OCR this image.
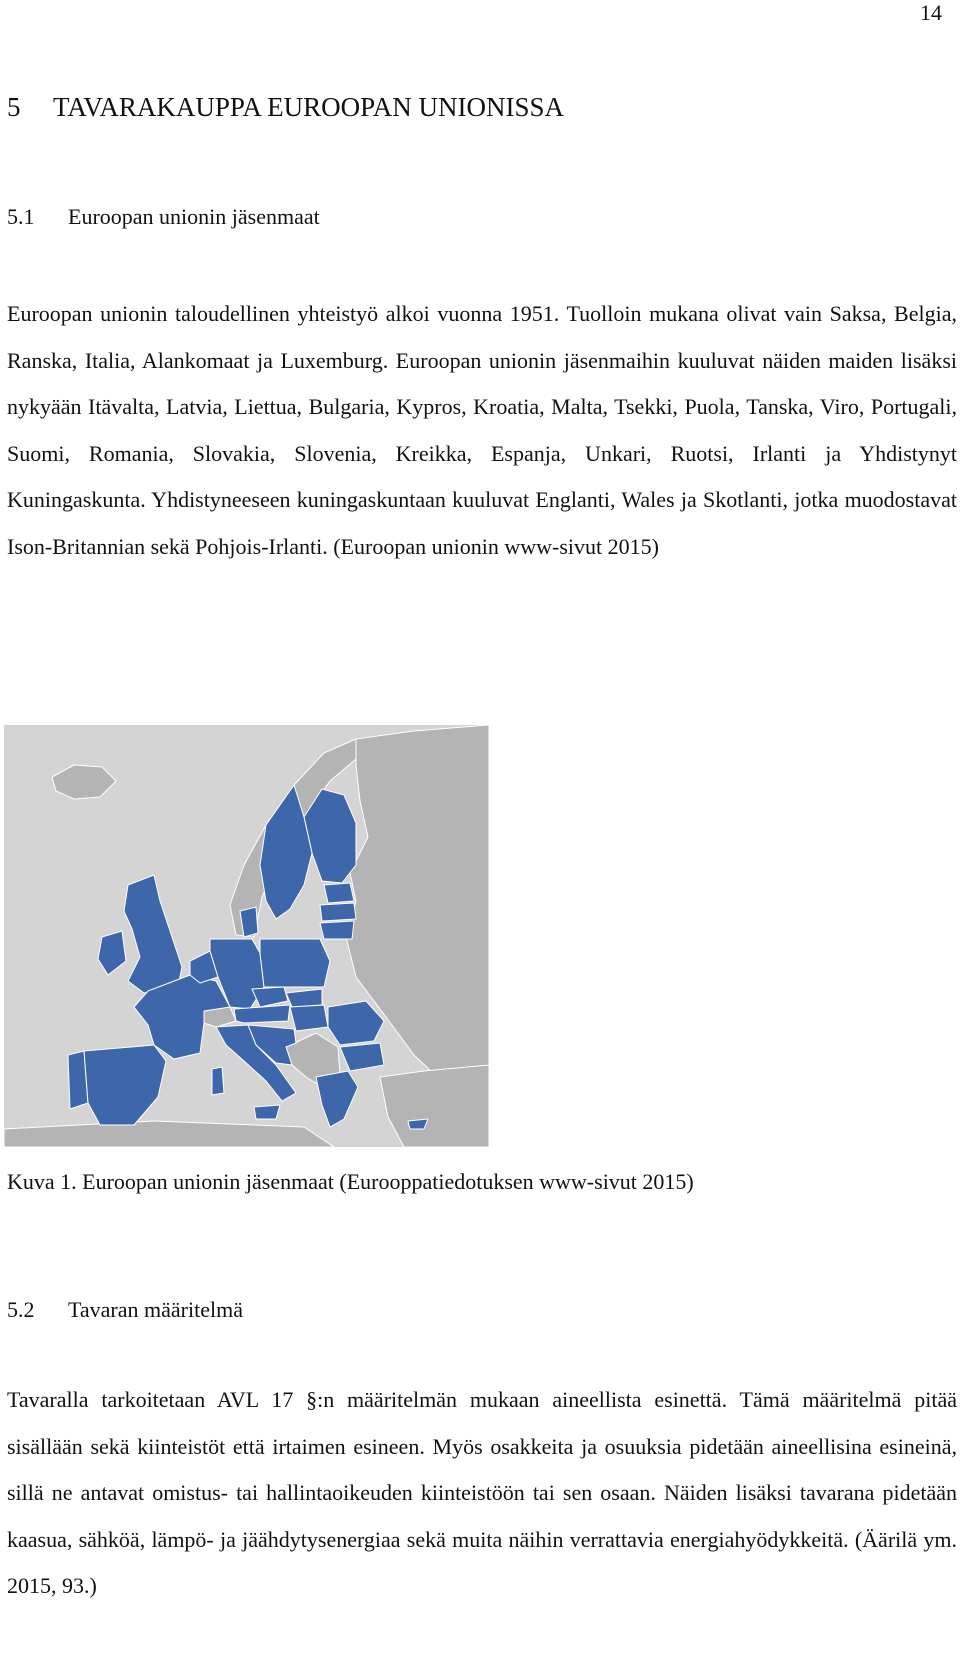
14
5 TAVARAKAUPPA EUROOPAN UNIONISSA
5.1 Euroopan unionin jäsenmaat

Euroopan unionin taloudellinen yhteistyö alkoi vuonna 1951. Tuolloin mukana olivat vain Saksa, Belgia, Ranska, Italia, Alankomaat ja Luxemburg. Euroopan unionin jäsenmaihin kuuluvat näiden maiden lisäksi nykyään Itävalta, Latvia, Liettua, Bulgaria, Kypros, Kroatia, Malta, Tsekki, Puola, Tanska, Viro, Portugali, Suomi, Romania, Slovakia, Slovenia, Kreikka, Espanja, Unkari, Ruotsi, Irlanti ja Yhdistynyt Kuningaskunta. Yhdistyneeseen kuningaskuntaan kuuluvat Englanti, Wales ja Skotlanti, jotka muodostavat Ison-Britannian sekä Pohjois-Irlanti. (Euroopan unionin www-sivut 2015)

Kuva 1. Euroopan unionin jäsenmaat (Eurooppatiedotuksen www-sivut 2015)
5.2 Tavaran määritelmä

Tavaralla tarkoitetaan AVL 17 §:n määritelmän mukaan aineellista esinettä. Tämä määritelmä pitää sisällään sekä kiinteistöt että irtaimen esineen. Myös osakkeita ja osuuksia pidetään aineellisina esineinä, sillä ne antavat omistus- tai hallintaoikeuden kiinteistöön tai sen osaan. Näiden lisäksi tavarana pidetään kaasua, sähköä, lämpö- ja jäähdytysenergiaa sekä muita näihin verrattavia energiahyödykkeitä. (Äärilä ym. 2015, 93.)
